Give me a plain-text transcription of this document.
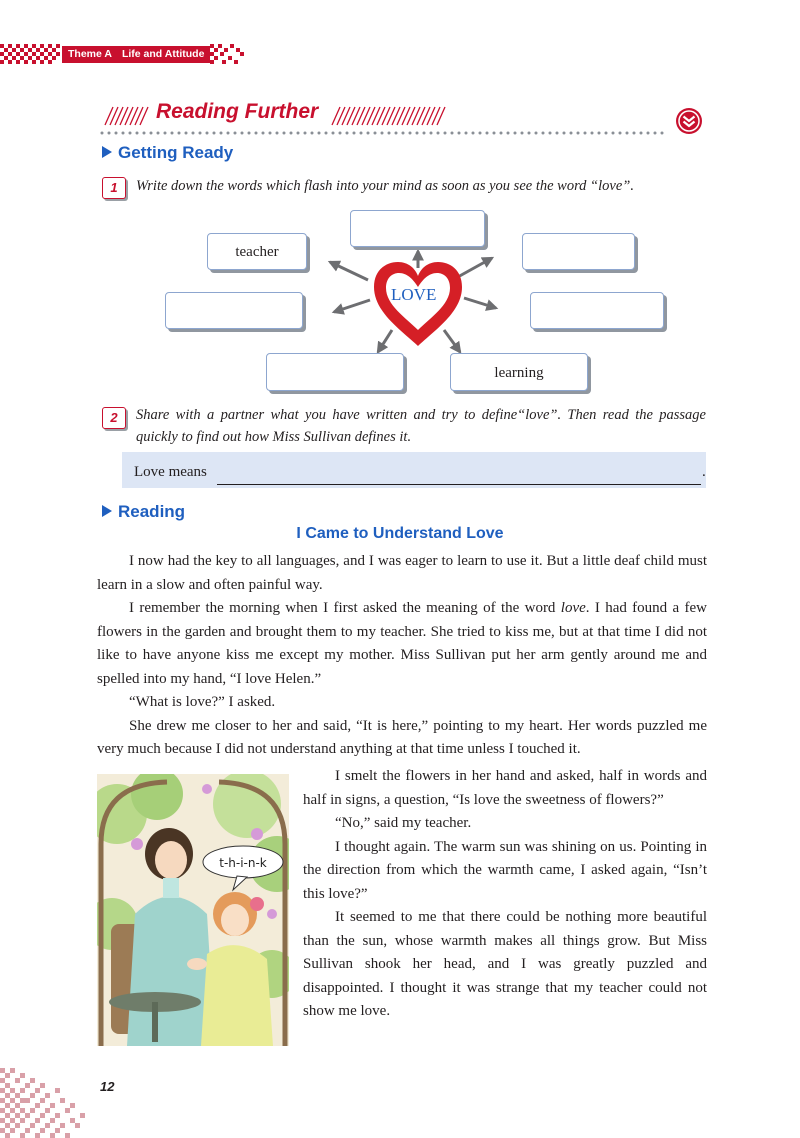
Theme A Life and Attitude
Reading Further
Getting Ready
1	Write down the words which flash into your mind as soon as you see the word “love”.
LOVE
teacher
learning
2	Share with a partner what you have written and try to define“love”. Then read the passage quickly to find out how Miss Sullivan defines it.
Love means	.
Reading
I Came to Understand Love

I now had the key to all languages, and I was eager to learn to use it. But a little deaf child must learn in a slow and often painful way.

I remember the morning when I first asked the meaning of the word love. I had found a few flowers in the garden and brought them to my teacher. She tried to kiss me, but at that time I did not like to have anyone kiss me except my mother. Miss Sullivan put her arm gently around me and spelled into my hand, “I love Helen.”

“What is love?” I asked.

She drew me closer to her and said, “It is here,” pointing to my heart. Her words puzzled me very much because I did not understand anything at that time unless I touched it.

t-h-i-n-k

I smelt the flowers in her hand and asked, half in words and half in signs, a question, “Is love the sweetness of flowers?”

“No,” said my teacher.

I thought again. The warm sun was shining on us. Pointing in the direction from which the warmth came, I asked again, “Isn’t this love?”

It seemed to me that there could be nothing more beautiful than the sun, whose warmth makes all things grow. But Miss Sullivan shook her head, and I was greatly puzzled and disappointed. I thought it was strange that my teacher could not show me love.

12
